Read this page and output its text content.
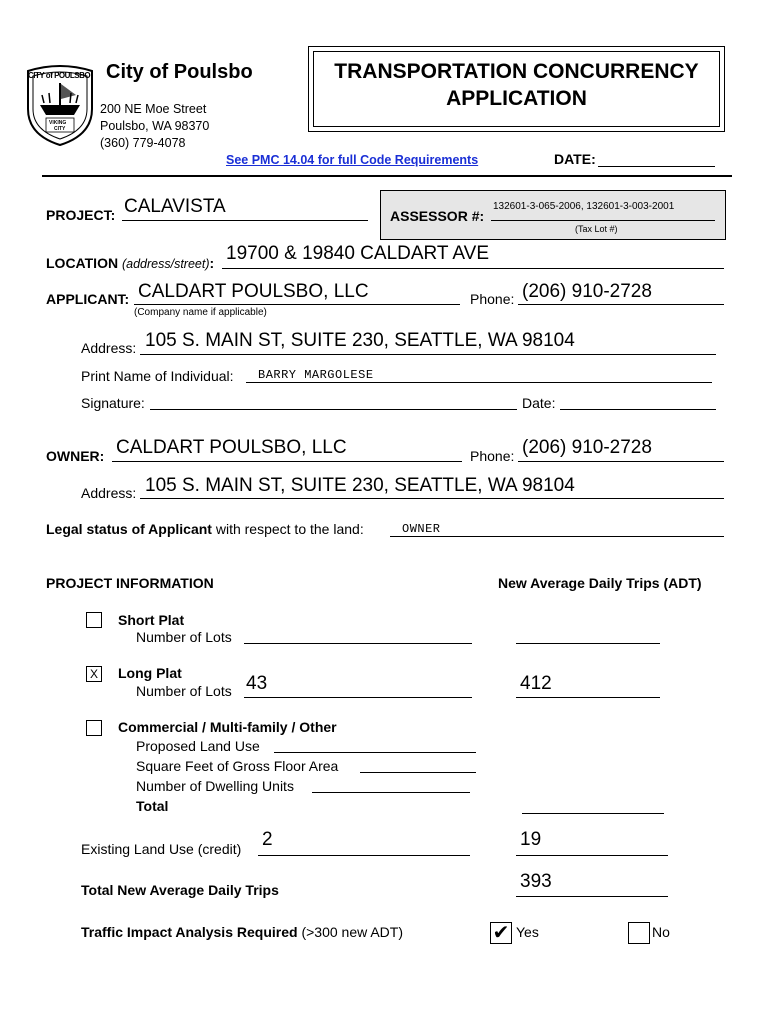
CITY of POULSBO
VIKING
CITY
City of Poulsbo
200 NE Moe Street
Poulsbo, WA 98370
(360) 779-4078
TRANSPORTATION CONCURRENCY
APPLICATION
See PMC 14.04 for full Code Requirements	DATE:
PROJECT: CALAVISTA	ASSESSOR #:
132601-3-065-2006, 132601-3-003-2001
(Tax Lot #)
LOCATION (address/street): 19700 & 19840 CALDART AVE
APPLICANT: CALDART POULSBO, LLC	Phone: (206) 910-2728
(Company name if applicable)
Address: 105 S. MAIN ST, SUITE 230, SEATTLE, WA 98104
Print Name of Individual: BARRY MARGOLESE
Signature:	Date:
OWNER: CALDART POULSBO, LLC	Phone: (206) 910-2728
Address: 105 S. MAIN ST, SUITE 230, SEATTLE, WA 98104
Legal status of Applicant with respect to the land:	OWNER
PROJECT INFORMATION	New Average Daily Trips (ADT)
Short Plat
Number of Lots
X Long Plat
Number of Lots 43	412
Commercial / Multi-family / Other
Proposed Land Use
Square Feet of Gross Floor Area
Number of Dwelling Units
Total
Existing Land Use (credit) 2	19
Total New Average Daily Trips	393
Traffic Impact Analysis Required (>300 new ADT)	✔ Yes	No
